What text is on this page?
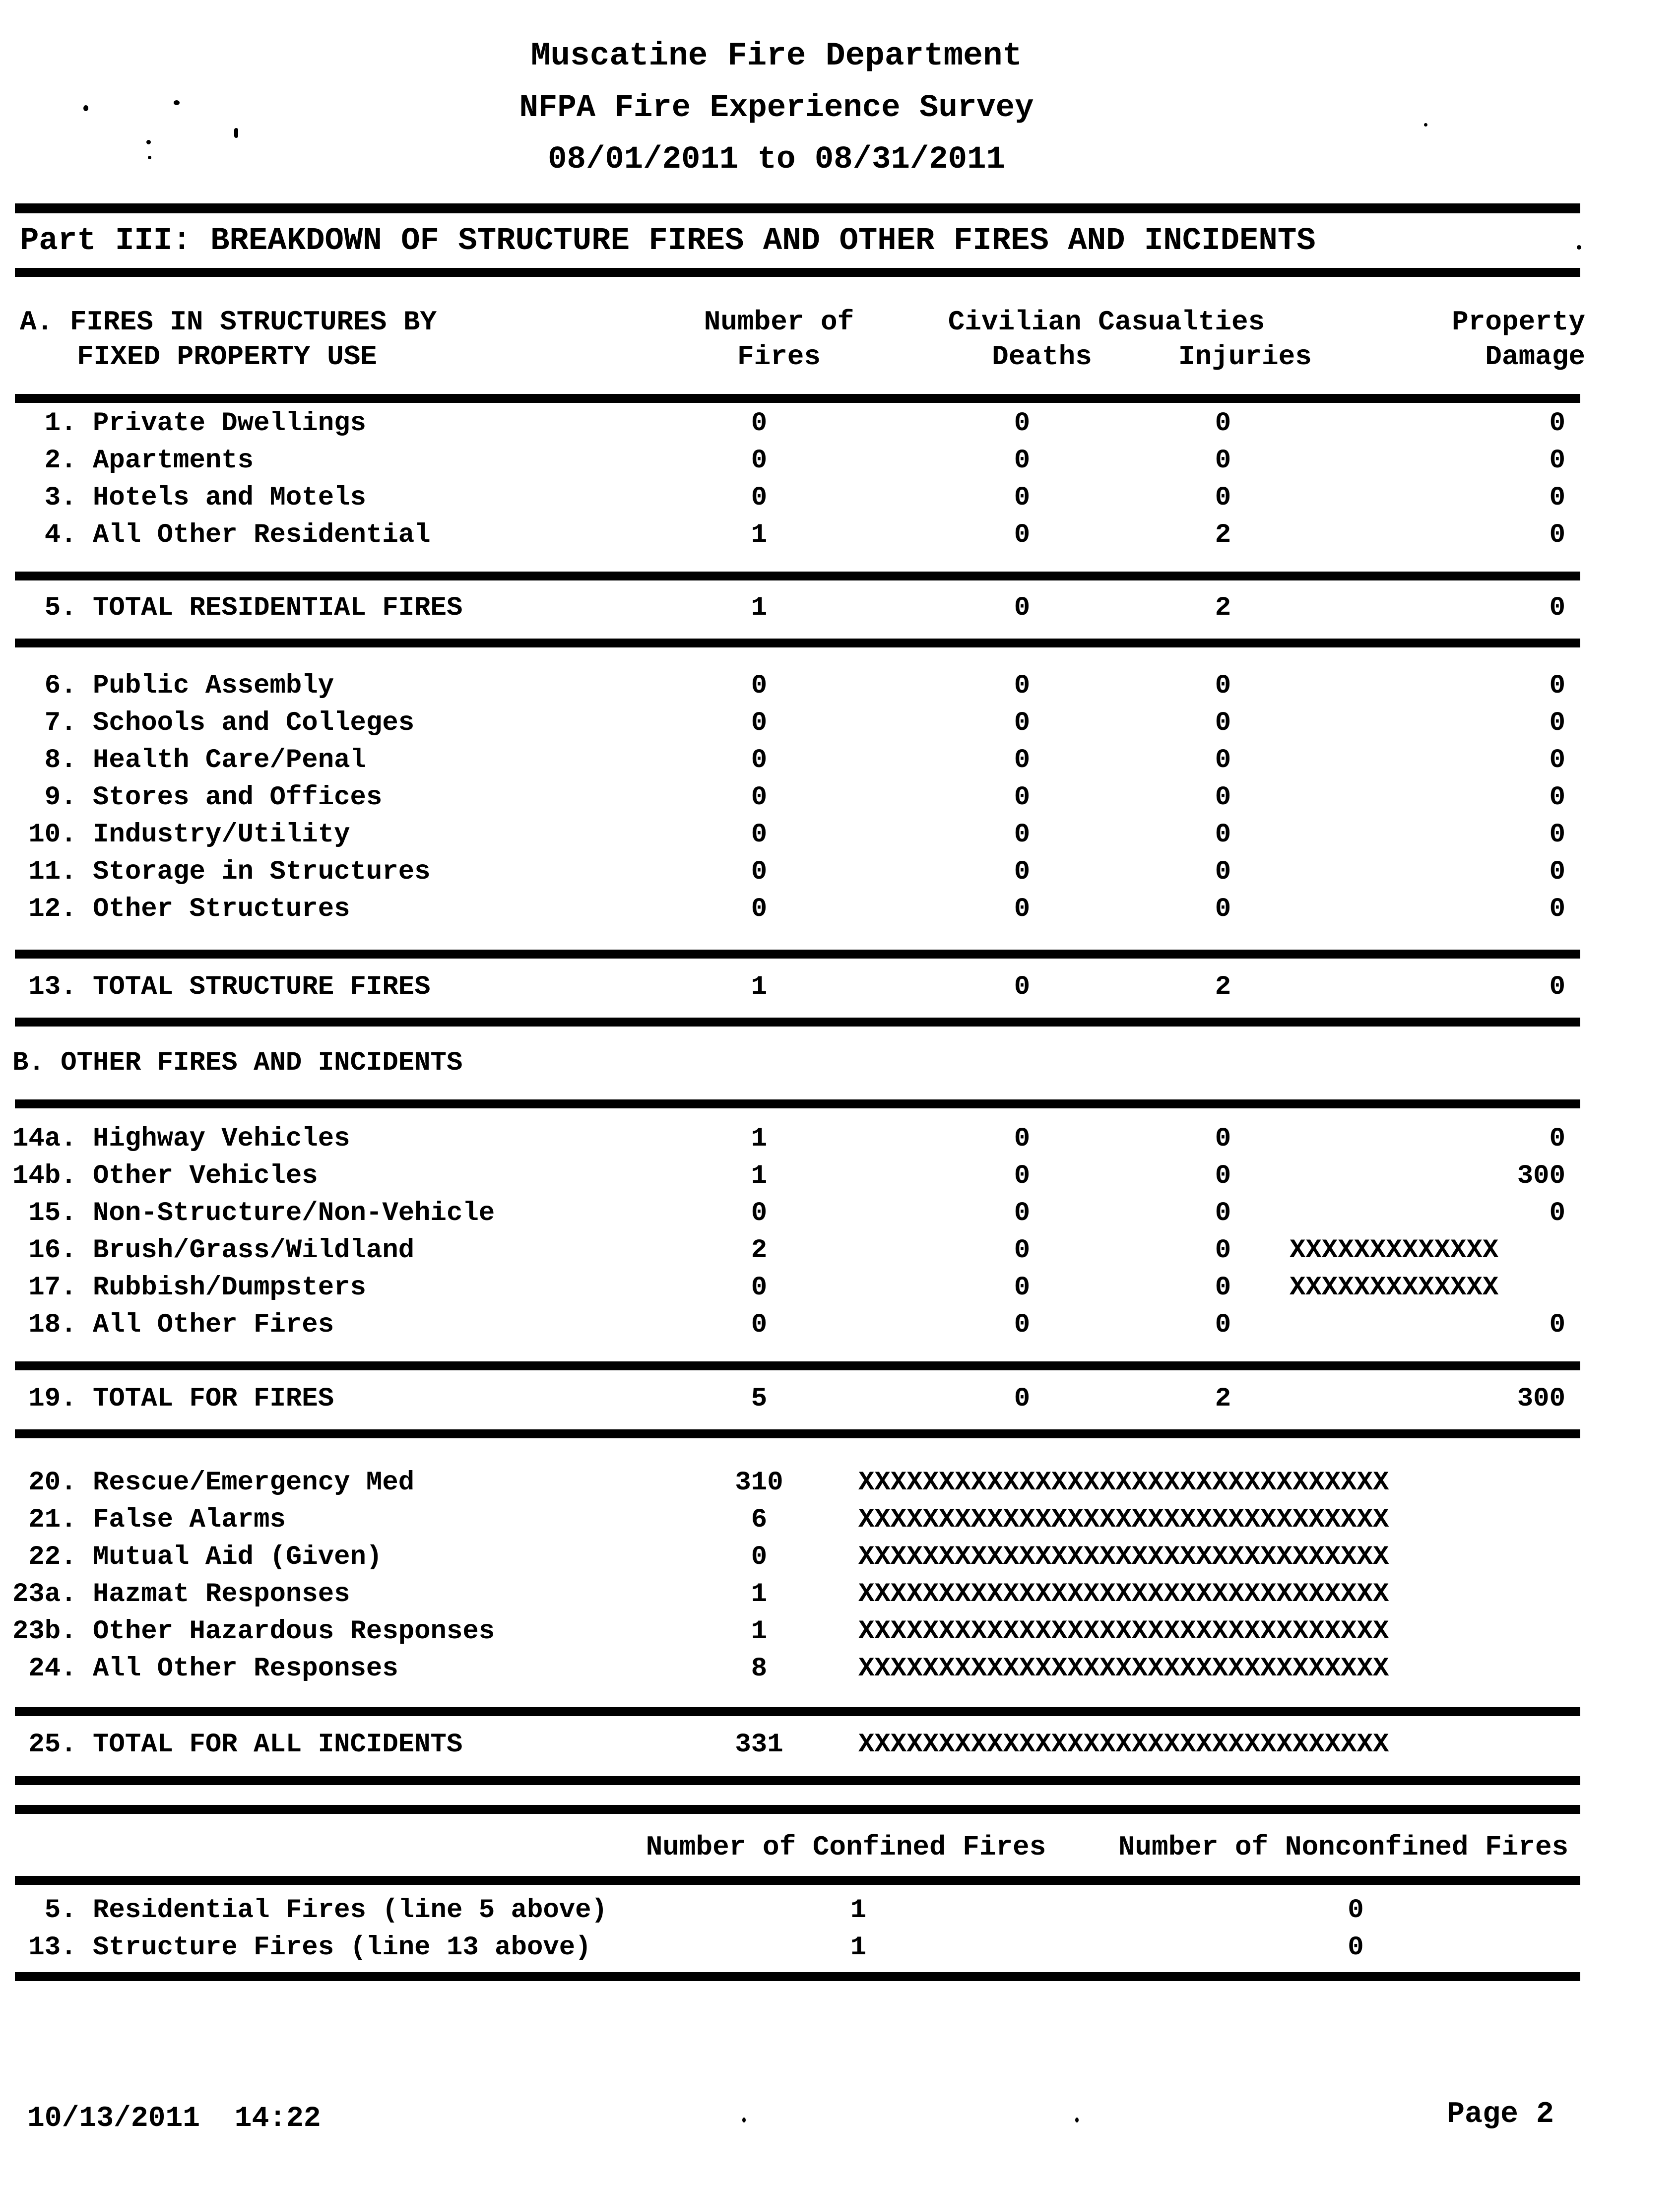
Muscatine Fire Department
NFPA Fire Experience Survey
08/01/2011 to 08/31/2011
Part III: BREAKDOWN OF STRUCTURE FIRES AND OTHER FIRES AND INCIDENTS
A. FIRES IN STRUCTURES BY
FIXED PROPERTY USE
Number of
Fires
Civilian Casualties
Deaths	Injuries
Property
Damage
1. Private Dwellings	0	0	0	0
2. Apartments	0	0	0	0
3. Hotels and Motels	0	0	0	0
4. All Other Residential	1	0	2	0
5. TOTAL RESIDENTIAL FIRES	1	0	2	0
6. Public Assembly	0	0	0	0
7. Schools and Colleges	0	0	0	0
8. Health Care/Penal	0	0	0	0
9. Stores and Offices	0	0	0	0
10. Industry/Utility	0	0	0	0
11. Storage in Structures	0	0	0	0
12. Other Structures	0	0	0	0
13. TOTAL STRUCTURE FIRES	1	0	2	0
B. OTHER FIRES AND INCIDENTS
14a. Highway Vehicles	1	0	0	0
14b. Other Vehicles	1	0	0	300
15. Non-Structure/Non-Vehicle	0	0	0	0
16. Brush/Grass/Wildland	2	0	0	XXXXXXXXXXXXX
17. Rubbish/Dumpsters	0	0	0	XXXXXXXXXXXXX
18. All Other Fires	0	0	0	0
19. TOTAL FOR FIRES	5	0	2	300
20. Rescue/Emergency Med	310	XXXXXXXXXXXXXXXXXXXXXXXXXXXXXXXXX
21. False Alarms	6	XXXXXXXXXXXXXXXXXXXXXXXXXXXXXXXXX
22. Mutual Aid (Given)	0	XXXXXXXXXXXXXXXXXXXXXXXXXXXXXXXXX
23a. Hazmat Responses	1	XXXXXXXXXXXXXXXXXXXXXXXXXXXXXXXXX
23b. Other Hazardous Responses	1	XXXXXXXXXXXXXXXXXXXXXXXXXXXXXXXXX
24. All Other Responses	8	XXXXXXXXXXXXXXXXXXXXXXXXXXXXXXXXX
25. TOTAL FOR ALL INCIDENTS	331	XXXXXXXXXXXXXXXXXXXXXXXXXXXXXXXXX
Number of Confined Fires	Number of Nonconfined Fires
5. Residential Fires (line 5 above)	1	0
13. Structure Fires (line 13 above)	1	0
10/13/2011  14:22	Page 2
